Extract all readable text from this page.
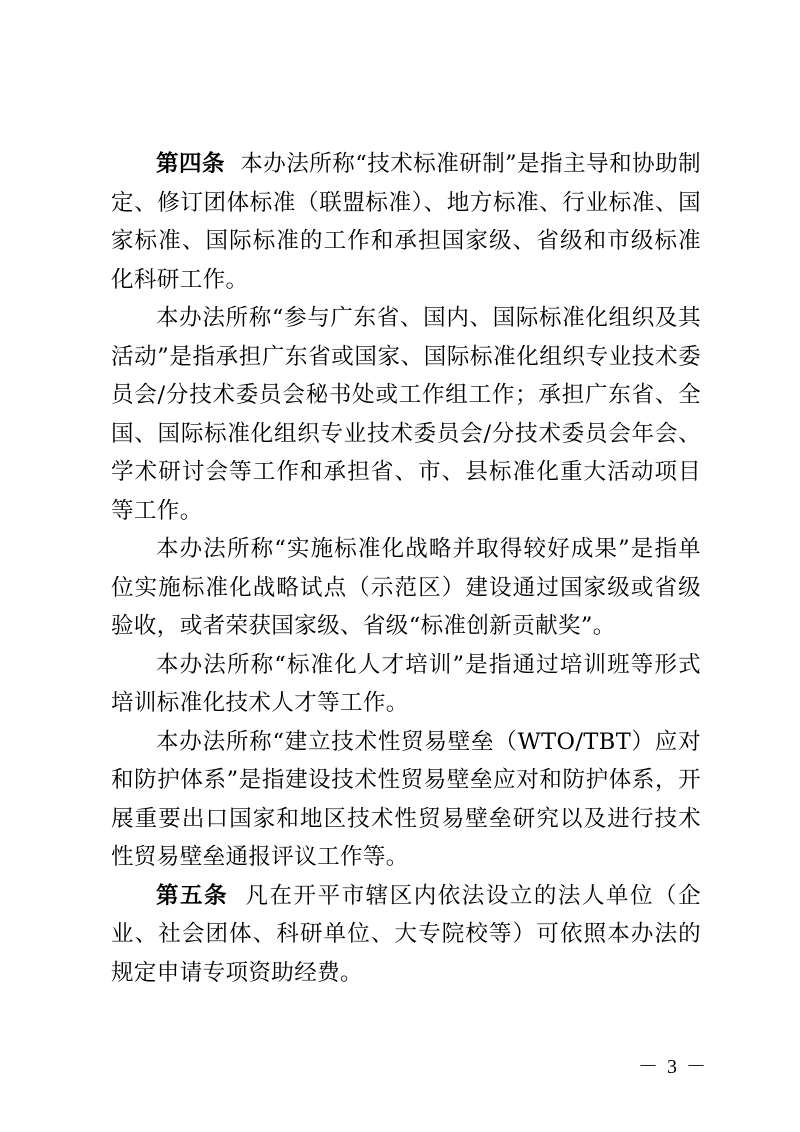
第四条 本办法所称“技术标准研制”是指主导和协助制定、修订团体标准（联盟标准）、地方标准、行业标准、国家标准、国际标准的工作和承担国家级、省级和市级标准化科研工作。

本办法所称“参与广东省、国内、国际标准化组织及其活动”是指承担广东省或国家、国际标准化组织专业技术委员会/分技术委员会秘书处或工作组工作；承担广东省、全国、国际标准化组织专业技术委员会/分技术委员会年会、学术研讨会等工作和承担省、市、县标准化重大活动项目等工作。

本办法所称“实施标准化战略并取得较好成果”是指单位实施标准化战略试点（示范区）建设通过国家级或省级验收，或者荣获国家级、省级“标准创新贡献奖”。

本办法所称“标准化人才培训”是指通过培训班等形式培训标准化技术人才等工作。

本办法所称“建立技术性贸易壁垒（WTO/TBT）应对和防护体系”是指建设技术性贸易壁垒应对和防护体系，开展重要出口国家和地区技术性贸易壁垒研究以及进行技术性贸易壁垒通报评议工作等。

第五条 凡在开平市辖区内依法设立的法人单位（企业、社会团体、科研单位、大专院校等）可依照本办法的规定申请专项资助经费。

－ 3 －
